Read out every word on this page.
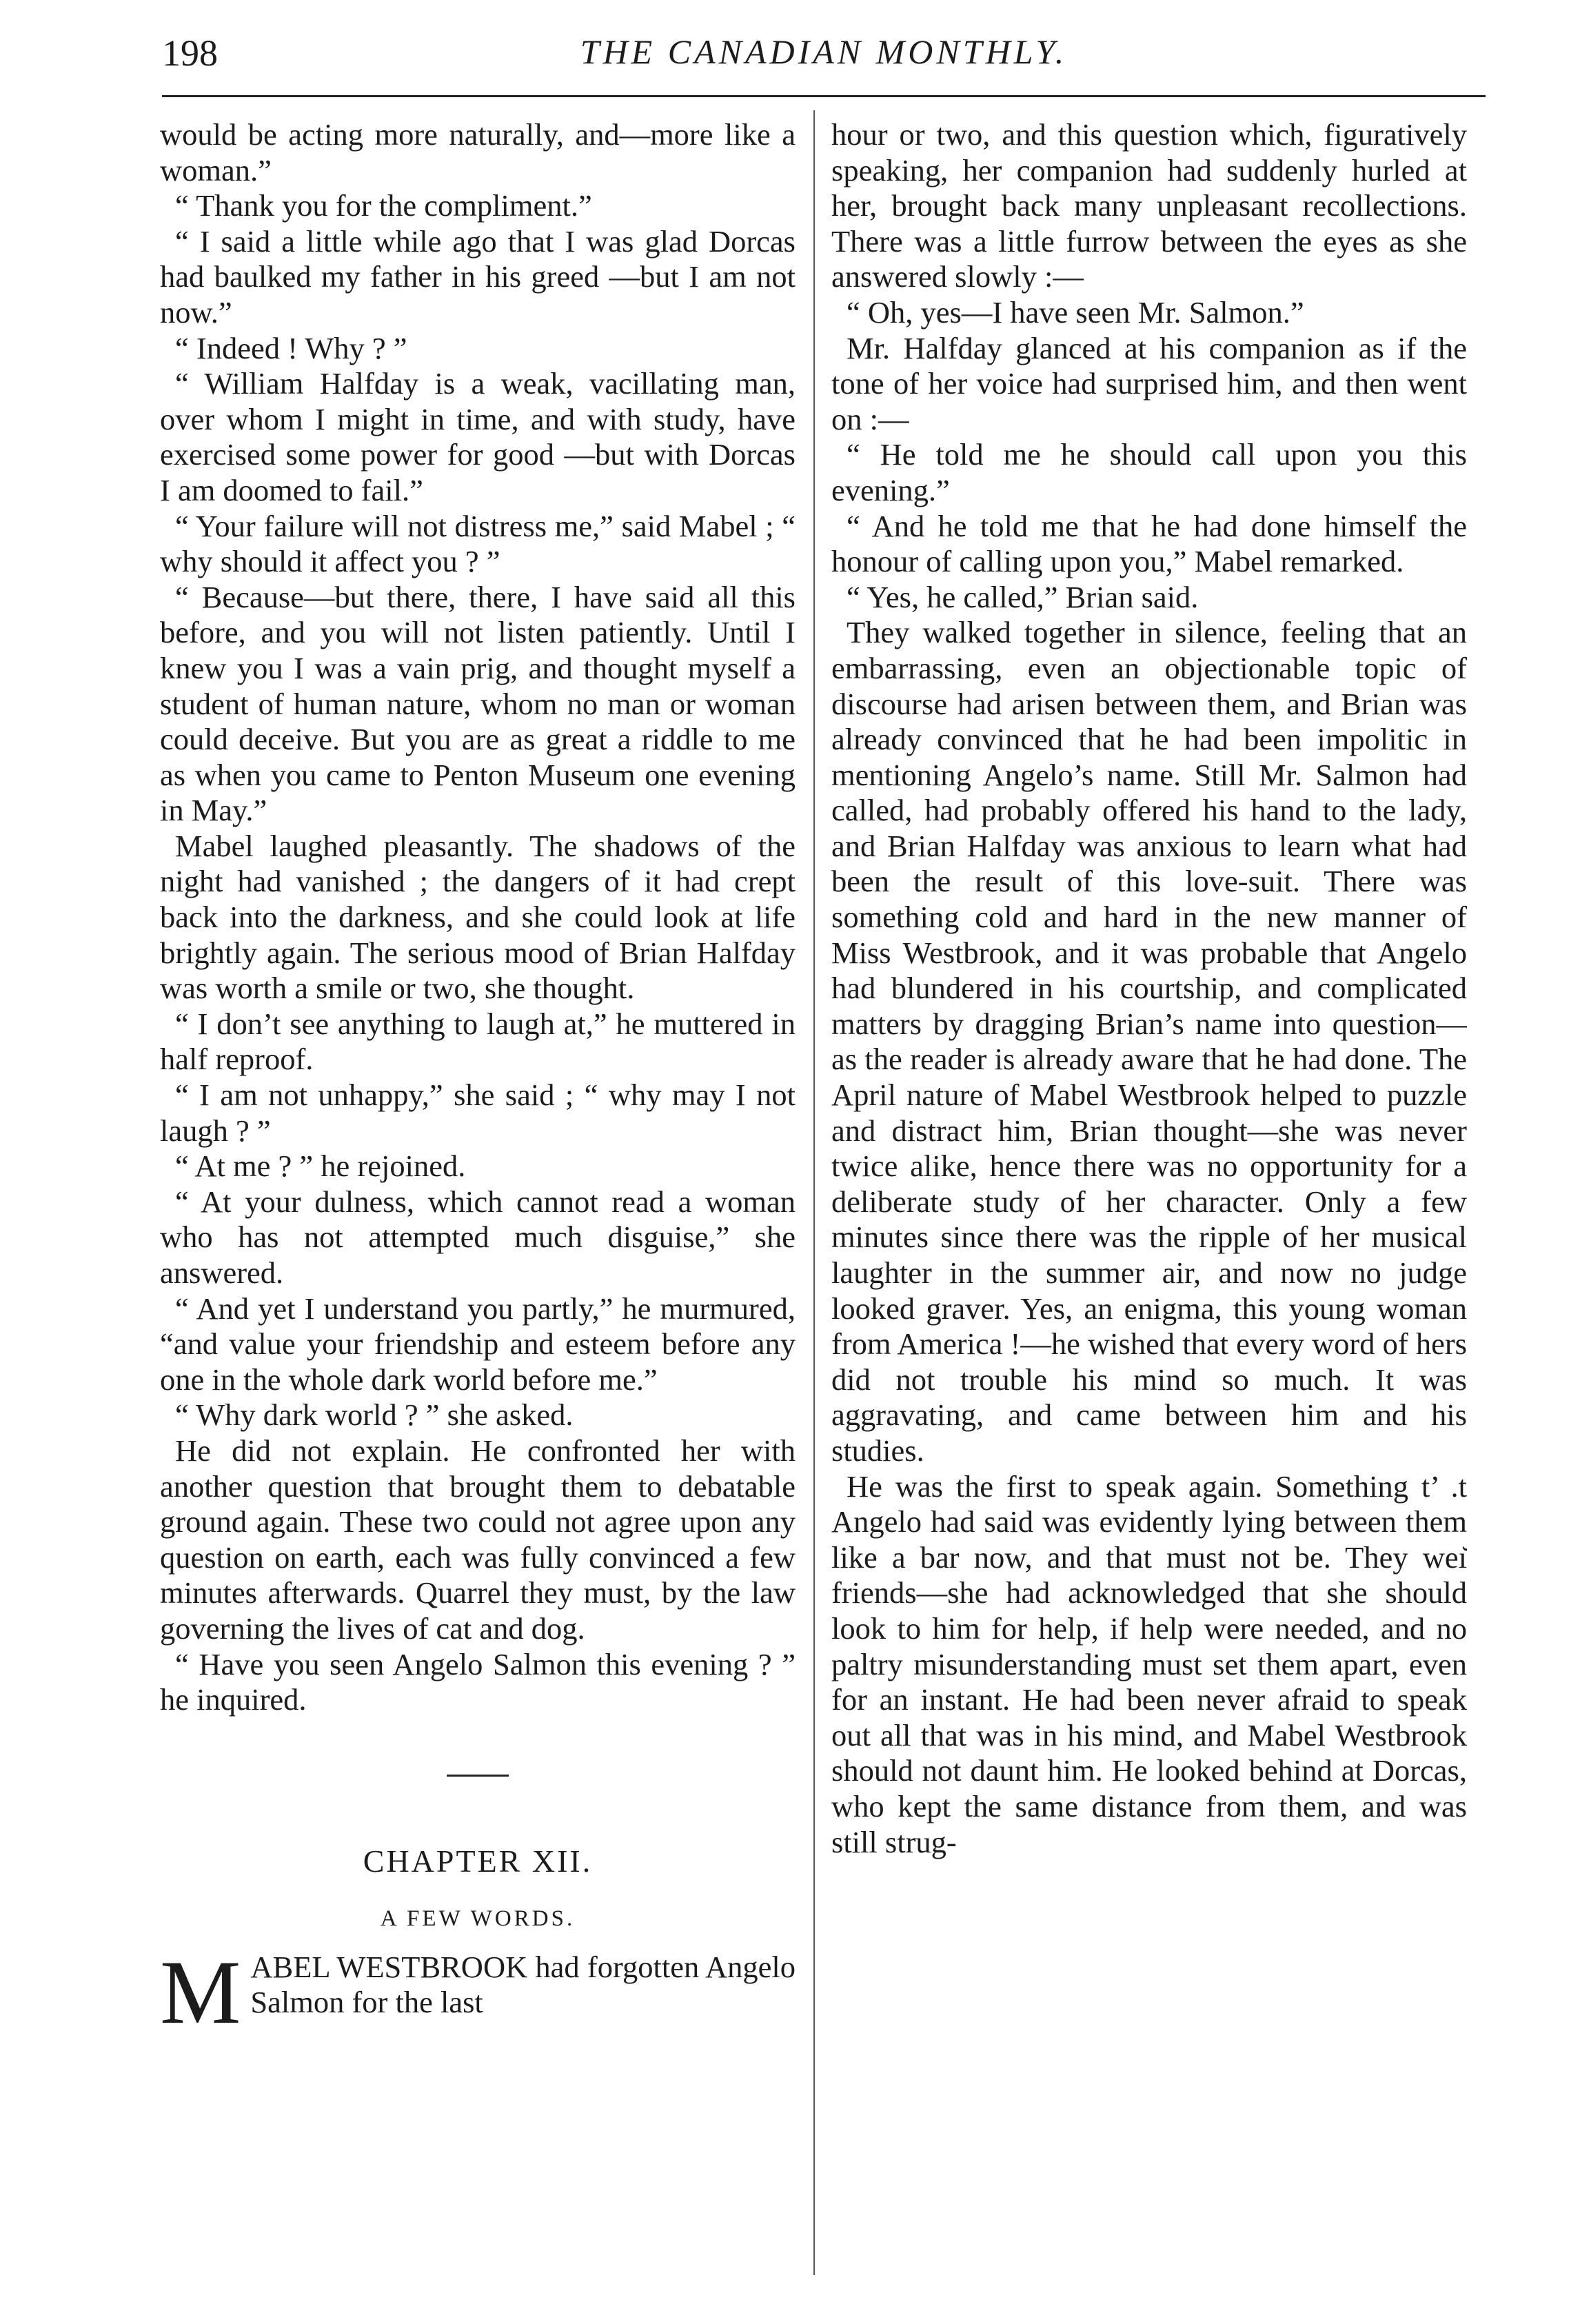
198	THE CANADIAN MONTHLY.

would be acting more naturally, and—more like a woman.”

“ Thank you for the compliment.”

“ I said a little while ago that I was glad Dorcas had baulked my father in his greed —but I am not now.”

“ Indeed ! Why ? ”

“ William Halfday is a weak, vacillating man, over whom I might in time, and with study, have exercised some power for good —but with Dorcas I am doomed to fail.”

“ Your failure will not distress me,” said Mabel ; “ why should it affect you ? ”

“ Because—but there, there, I have said all this before, and you will not listen patiently. Until I knew you I was a vain prig, and thought myself a student of human nature, whom no man or woman could deceive. But you are as great a riddle to me as when you came to Penton Museum one evening in May.”

Mabel laughed pleasantly. The shadows of the night had vanished ; the dangers of it had crept back into the darkness, and she could look at life brightly again. The serious mood of Brian Halfday was worth a smile or two, she thought.

“ I don’t see anything to laugh at,” he muttered in half reproof.

“ I am not unhappy,” she said ; “ why may I not laugh ? ”

“ At me ? ” he rejoined.

“ At your dulness, which cannot read a woman who has not attempted much disguise,” she answered.

“ And yet I understand you partly,” he murmured, “and value your friendship and esteem before any one in the whole dark world before me.”

“ Why dark world ? ” she asked.

He did not explain. He confronted her with another question that brought them to debatable ground again. These two could not agree upon any question on earth, each was fully convinced a few minutes afterwards. Quarrel they must, by the law governing the lives of cat and dog.

“ Have you seen Angelo Salmon this evening ? ” he inquired.

CHAPTER XII.
A FEW WORDS.

MABEL WESTBROOK had forgotten Angelo Salmon for the last

hour or two, and this question which, figuratively speaking, her companion had suddenly hurled at her, brought back many unpleasant recollections. There was a little furrow between the eyes as she answered slowly :—

“ Oh, yes—I have seen Mr. Salmon.”

Mr. Halfday glanced at his companion as if the tone of her voice had surprised him, and then went on :—

“ He told me he should call upon you this evening.”

“ And he told me that he had done himself the honour of calling upon you,” Mabel remarked.

“ Yes, he called,” Brian said.

They walked together in silence, feeling that an embarrassing, even an objectionable topic of discourse had arisen between them, and Brian was already convinced that he had been impolitic in mentioning Angelo’s name. Still Mr. Salmon had called, had probably offered his hand to the lady, and Brian Halfday was anxious to learn what had been the result of this love-suit. There was something cold and hard in the new manner of Miss Westbrook, and it was probable that Angelo had blundered in his courtship, and complicated matters by dragging Brian’s name into question—as the reader is already aware that he had done. The April nature of Mabel Westbrook helped to puzzle and distract him, Brian thought—she was never twice alike, hence there was no opportunity for a deliberate study of her character. Only a few minutes since there was the ripple of her musical laughter in the summer air, and now no judge looked graver. Yes, an enigma, this young woman from America !—he wished that every word of hers did not trouble his mind so much. It was aggravating, and came between him and his studies.

He was the first to speak again. Something t’ .t Angelo had said was evidently lying between them like a bar now, and that must not be. They weı̆ friends—she had acknowledged that she should look to him for help, if help were needed, and no paltry misunderstanding must set them apart, even for an instant. He had been never afraid to speak out all that was in his mind, and Mabel Westbrook should not daunt him. He looked behind at Dorcas, who kept the same distance from them, and was still strug-
